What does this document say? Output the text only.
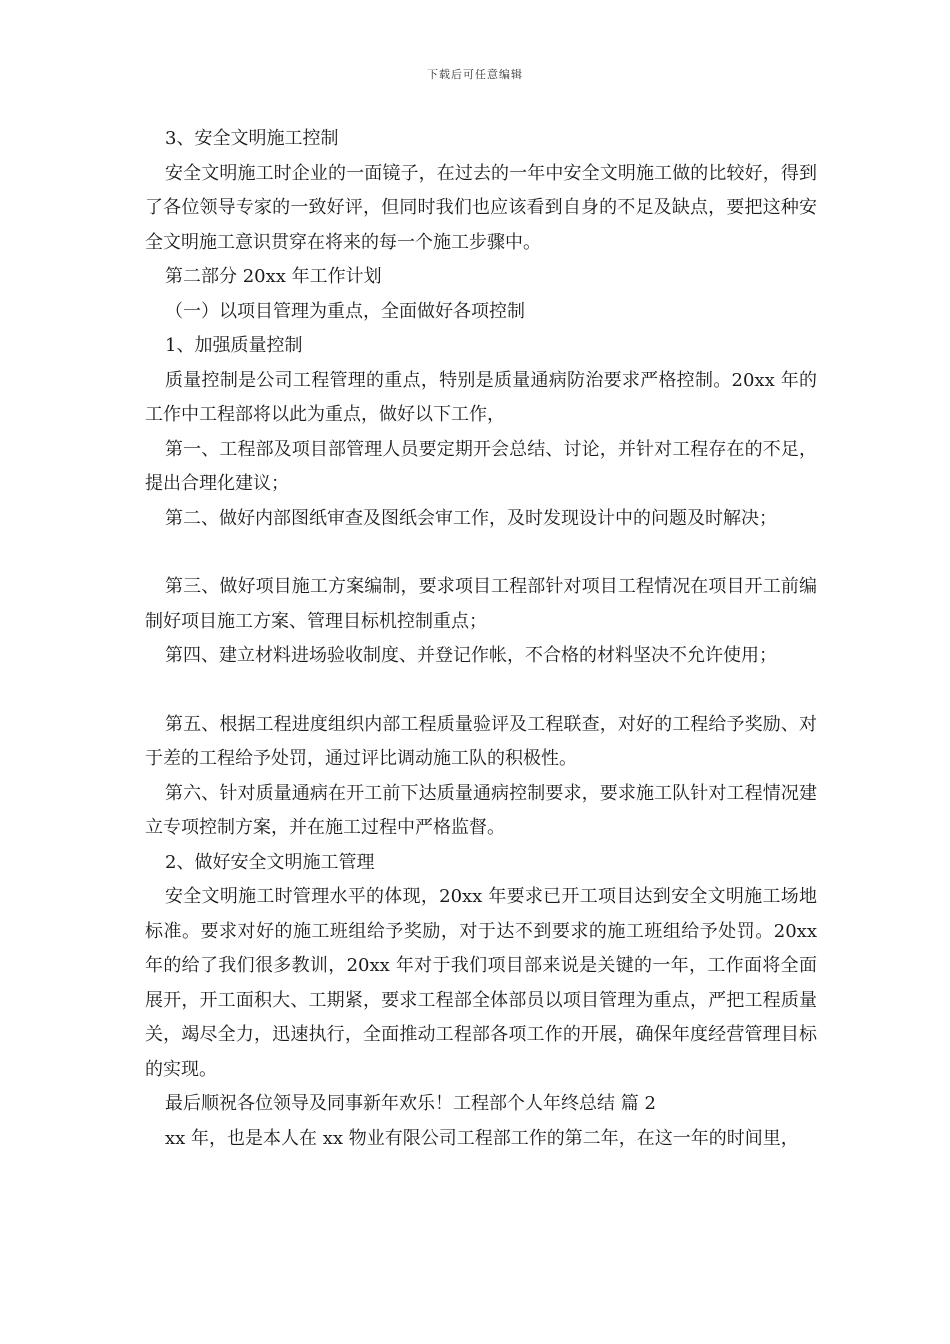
下载后可任意编辑

3、安全文明施工控制

安全文明施工时企业的一面镜子，在过去的一年中安全文明施工做的比较好，得到了各位领导专家的一致好评，但同时我们也应该看到自身的不足及缺点，要把这种安全文明施工意识贯穿在将来的每一个施工步骤中。

第二部分 20xx 年工作计划

（一）以项目管理为重点，全面做好各项控制

1、加强质量控制

质量控制是公司工程管理的重点，特别是质量通病防治要求严格控制。20xx 年的工作中工程部将以此为重点，做好以下工作，

第一、工程部及项目部管理人员要定期开会总结、讨论，并针对工程存在的不足，提出合理化建议；

第二、做好内部图纸审查及图纸会审工作，及时发现设计中的问题及时解决；

第三、做好项目施工方案编制，要求项目工程部针对项目工程情况在项目开工前编制好项目施工方案、管理目标机控制重点；

第四、建立材料进场验收制度、并登记作帐，不合格的材料坚决不允许使用；

第五、根据工程进度组织内部工程质量验评及工程联查，对好的工程给予奖励、对于差的工程给予处罚，通过评比调动施工队的积极性。

第六、针对质量通病在开工前下达质量通病控制要求，要求施工队针对工程情况建立专项控制方案，并在施工过程中严格监督。

2、做好安全文明施工管理

安全文明施工时管理水平的体现，20xx 年要求已开工项目达到安全文明施工场地标准。要求对好的施工班组给予奖励，对于达不到要求的施工班组给予处罚。20xx 年的给了我们很多教训，20xx 年对于我们项目部来说是关键的一年，工作面将全面展开，开工面积大、工期紧，要求工程部全体部员以项目管理为重点，严把工程质量关，竭尽全力，迅速执行，全面推动工程部各项工作的开展，确保年度经营管理目标的实现。

最后顺祝各位领导及同事新年欢乐！工程部个人年终总结 篇 2

xx 年，也是本人在 xx 物业有限公司工程部工作的第二年，在这一年的时间里，
